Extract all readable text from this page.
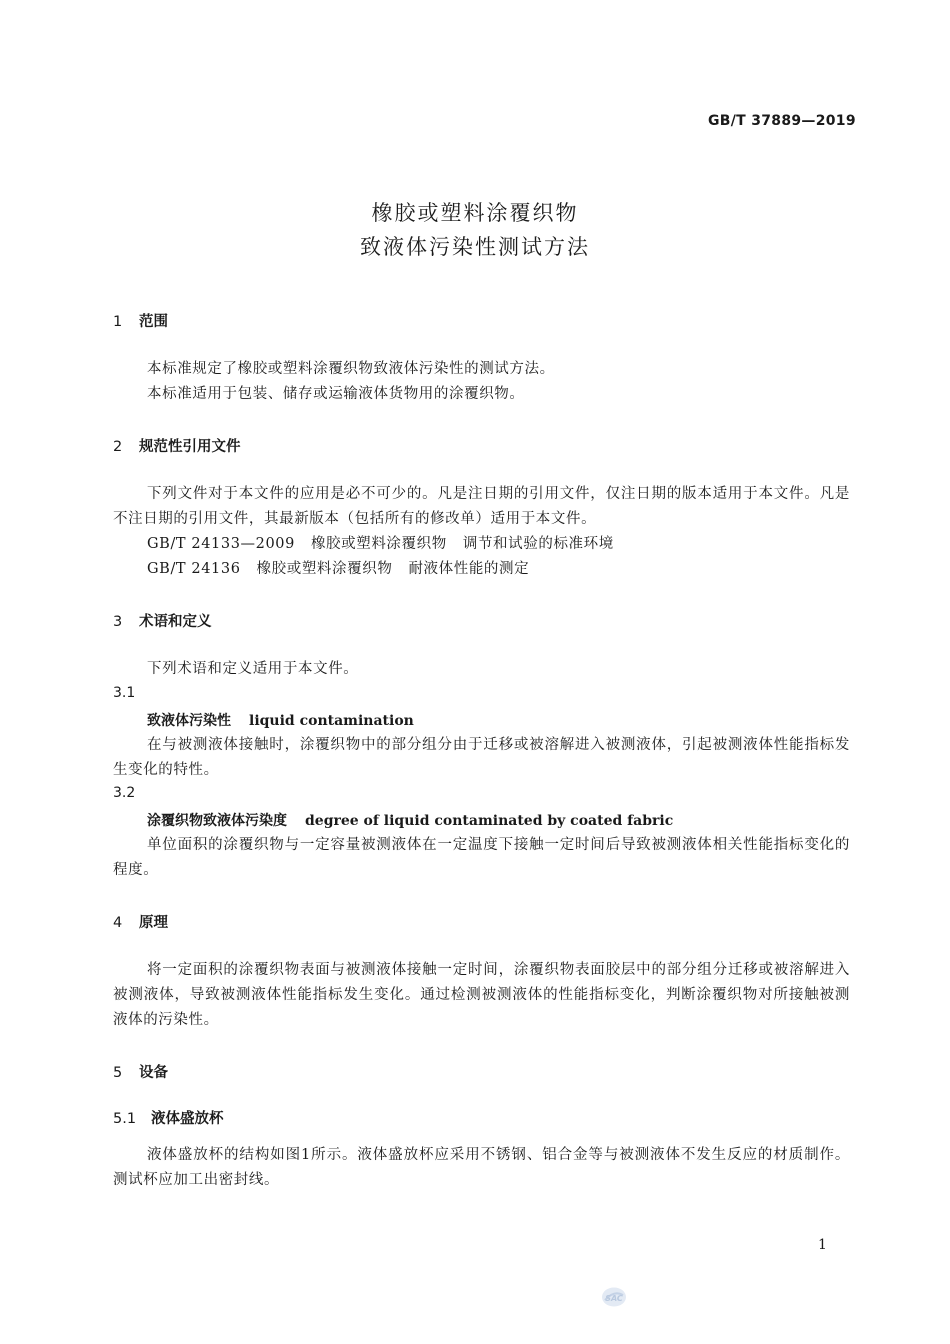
GB/T 37889—2019
橡胶或塑料涂覆织物
致液体污染性测试方法
1 范围
本标准规定了橡胶或塑料涂覆织物致液体污染性的测试方法。
本标准适用于包装、储存或运输液体货物用的涂覆织物。
2 规范性引用文件
下列文件对于本文件的应用是必不可少的。凡是注日期的引用文件，仅注日期的版本适用于本文件。凡是不注日期的引用文件，其最新版本（包括所有的修改单）适用于本文件。
GB/T 24133—2009 橡胶或塑料涂覆织物 调节和试验的标准环境
GB/T 24136 橡胶或塑料涂覆织物 耐液体性能的测定
3 术语和定义
下列术语和定义适用于本文件。
3.1
致液体污染性 liquid contamination
在与被测液体接触时，涂覆织物中的部分组分由于迁移或被溶解进入被测液体，引起被测液体性能指标发生变化的特性。
3.2
涂覆织物致液体污染度 degree of liquid contaminated by coated fabric
单位面积的涂覆织物与一定容量被测液体在一定温度下接触一定时间后导致被测液体相关性能指标变化的程度。
4 原理
将一定面积的涂覆织物表面与被测液体接触一定时间，涂覆织物表面胶层中的部分组分迁移或被溶解进入被测液体，导致被测液体性能指标发生变化。通过检测被测液体的性能指标变化，判断涂覆织物对所接触被测液体的污染性。
5 设备
5.1 液体盛放杯
液体盛放杯的结构如图1所示。液体盛放杯应采用不锈钢、铝合金等与被测液体不发生反应的材质制作。测试杯应加工出密封线。
1
SAC
